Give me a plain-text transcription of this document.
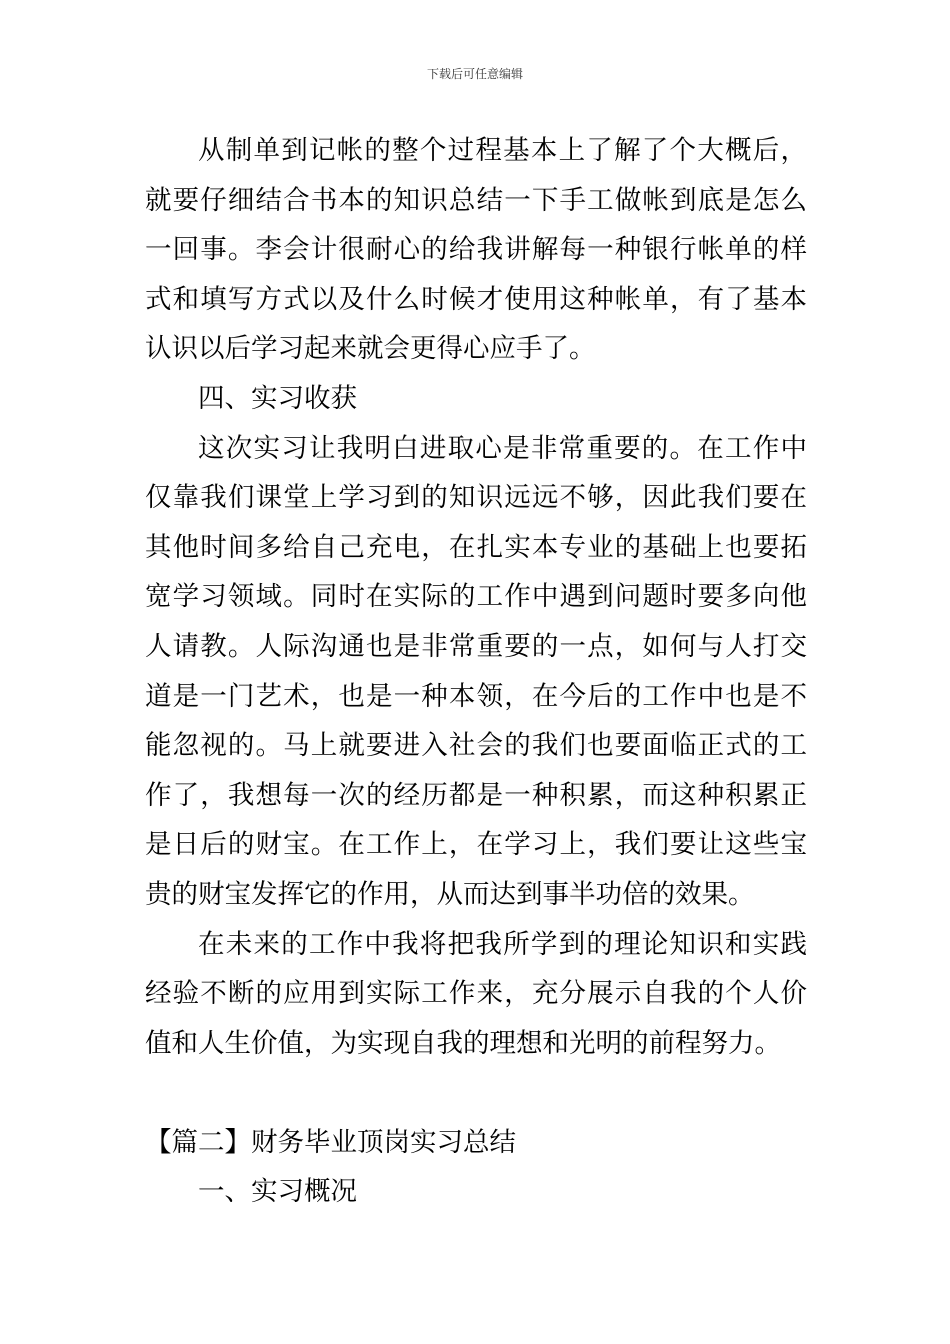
下载后可任意编辑

从制单到记帐的整个过程基本上了解了个大概后，就要仔细结合书本的知识总结一下手工做帐到底是怎么一回事。李会计很耐心的给我讲解每一种银行帐单的样式和填写方式以及什么时候才使用这种帐单，有了基本认识以后学习起来就会更得心应手了。

四、实习收获

这次实习让我明白进取心是非常重要的。在工作中仅靠我们课堂上学习到的知识远远不够，因此我们要在其他时间多给自己充电，在扎实本专业的基础上也要拓宽学习领域。同时在实际的工作中遇到问题时要多向他人请教。人际沟通也是非常重要的一点，如何与人打交道是一门艺术，也是一种本领，在今后的工作中也是不能忽视的。马上就要进入社会的我们也要面临正式的工作了，我想每一次的经历都是一种积累，而这种积累正是日后的财宝。在工作上，在学习上，我们要让这些宝贵的财宝发挥它的作用，从而达到事半功倍的效果。

在未来的工作中我将把我所学到的理论知识和实践经验不断的应用到实际工作来，充分展示自我的个人价值和人生价值，为实现自我的理想和光明的前程努力。

【篇二】财务毕业顶岗实习总结

一、实习概况
